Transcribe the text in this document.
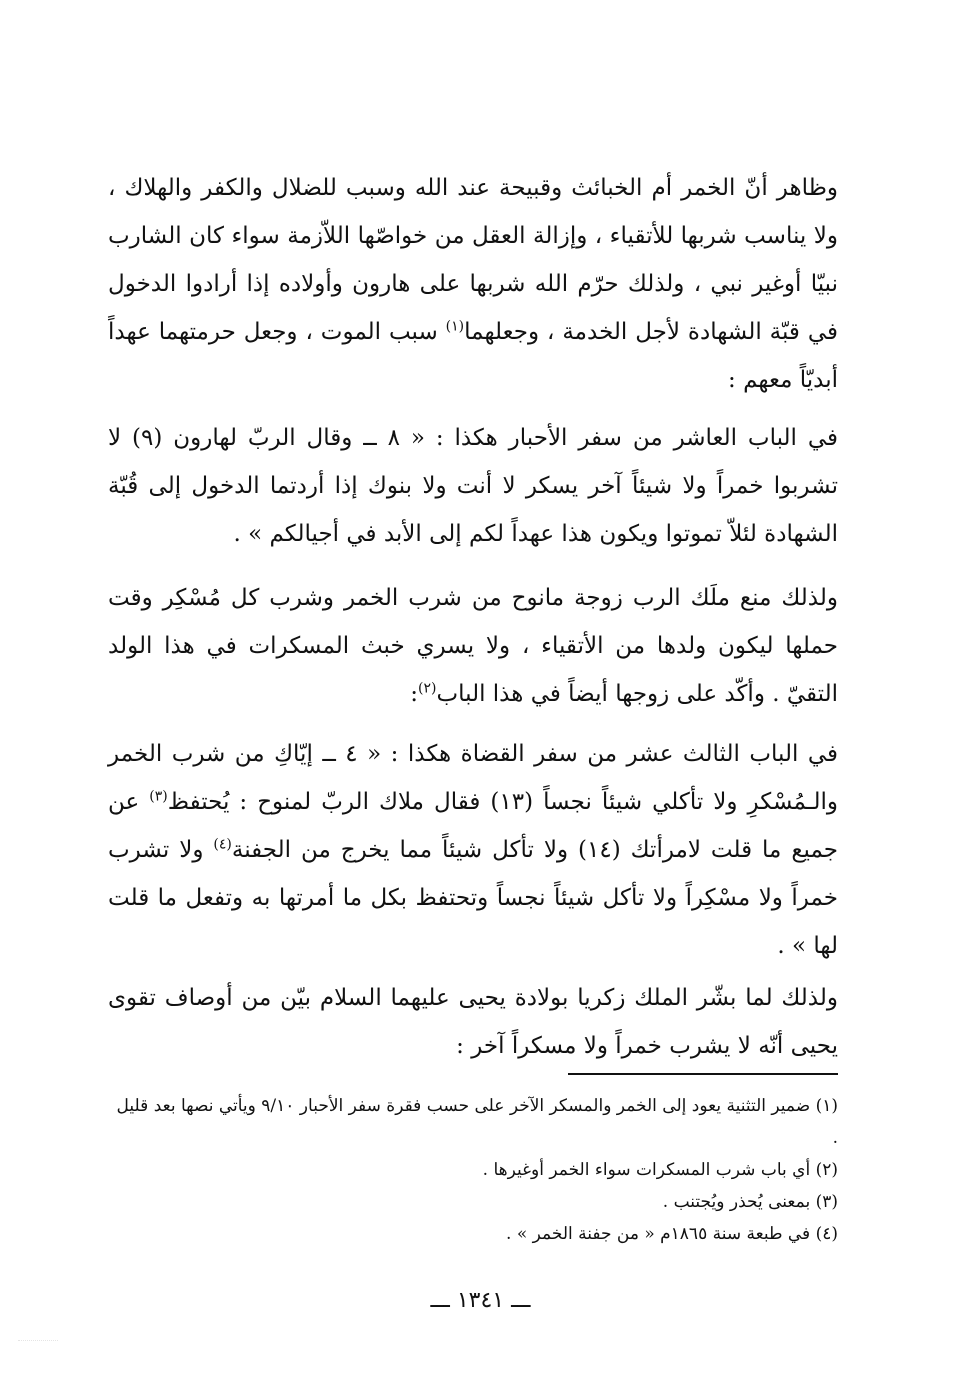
وظاهر أنّ الخمر أم الخبائث وقبيحة عند الله وسبب للضلال والكفر والهلاك ، ولا يناسب شربها للأتقياء ، وإزالة العقل من خواصّها اللاّزمة سواء كان الشارب نبيّا أوغير نبي ، ولذلك حرّم الله شربها على هارون وأولاده إذا أرادوا الدخول في قبّة الشهادة لأجل الخدمة ، وجعلهما$^{(١)}$ سبب الموت ، وجعل حرمتهما عهداً أبديّاً معهم :

في الباب العاشر من سفر الأحبار هكذا : « ٨ ــ وقال الربّ لهارون (٩) لا تشربوا خمراً ولا شيئاً آخر يسكر لا أنت ولا بنوك إذا أردتما الدخول إلى قُبّة الشهادة لئلاّ تموتوا ويكون هذا عهداً لكم إلى الأبد في أجيالكم » .

ولذلك منع ملَك الرب زوجة مانوح من شرب الخمر وشرب كل مُسْكِر وقت حملها ليكون ولدها من الأتقياء ، ولا يسري خبث المسكرات في هذا الولد التقيّ . وأكّد على زوجها أيضاً في هذا الباب$^{(٢)}$:

في الباب الثالث عشر من سفر القضاة هكذا : « ٤ ــ إيّاكِ من شرب الخمر والـمُسْكرِ ولا تأكلي شيئاً نجساً (١٣) فقال ملاك الربّ لمنوح : يُحتفظ$^{(٣)}$ عن جميع ما قلت لامرأتك (١٤) ولا تأكل شيئاً مما يخرج من الجفنة$^{(٤)}$ ولا تشرب خمراً ولا مسْكِراً ولا تأكل شيئاً نجساً وتحتفظ بكل ما أمرتها به وتفعل ما قلت لها » .

ولذلك لما بشّر الملك زكريا بولادة يحيى عليهما السلام بيّن من أوصاف تقوى يحيى أنّه لا يشرب خمراً ولا مسكراً آخر :

(١) ضمير التثنية يعود إلى الخمر والمسكر الآخر على حسب فقرة سفر الأحبار ٩/١٠ ويأتي نصها بعد قليل .

(٢) أي باب شرب المسكرات سواء الخمر أوغيرها .

(٣) بمعنى يُحذر ويُجتنب .

(٤) في طبعة سنة ١٨٦٥م « من جفنة الخمر » .

ـــ ١٣٤١ ـــ
